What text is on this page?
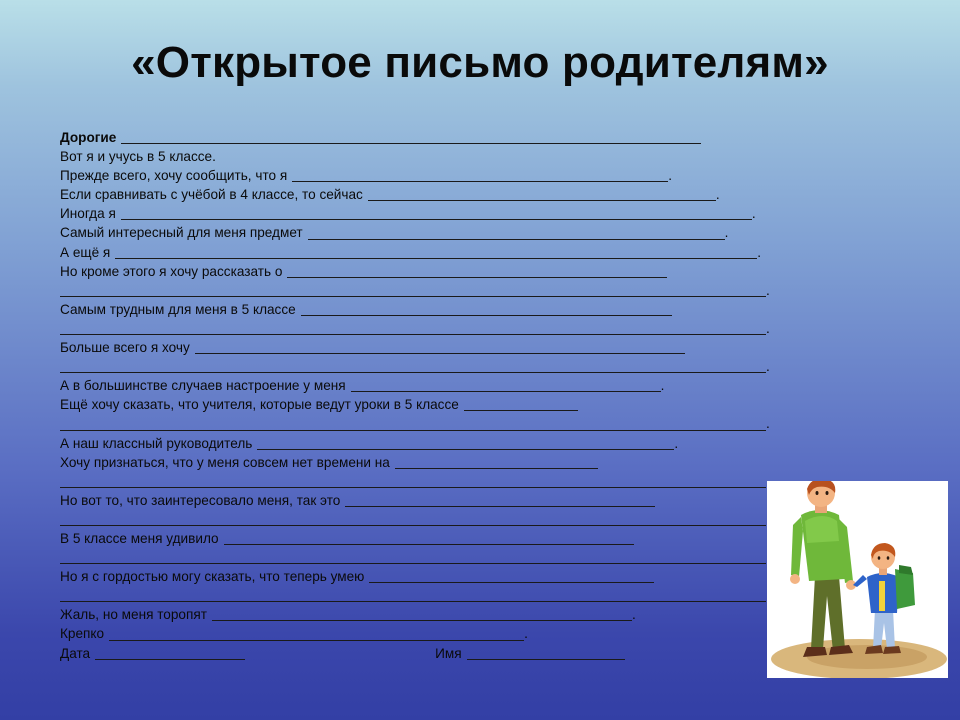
«Открытое письмо родителям»
Дорогие
Вот я и учусь в 5 классе.
Прежде всего, хочу сообщить, что я	.
Если сравнивать с учёбой в 4 классе, то сейчас	.
Иногда я	.
Самый интересный для меня предмет	.
А ещё я	.
Но кроме этого я хочу рассказать о
.
Самым трудным для меня в 5 классе
.
Больше всего я хочу
.
А в большинстве случаев настроение у меня	.
Ещё хочу сказать, что учителя, которые ведут уроки в 5 классе
.
А наш классный руководитель	.
Хочу признаться, что у меня совсем нет времени на
Но вот то, что заинтересовало меня, так это
В 5 классе меня удивило
Но я с гордостью могу сказать, что теперь умею
Жаль, но меня торопят	.
Крепко	.
Дата	Имя
